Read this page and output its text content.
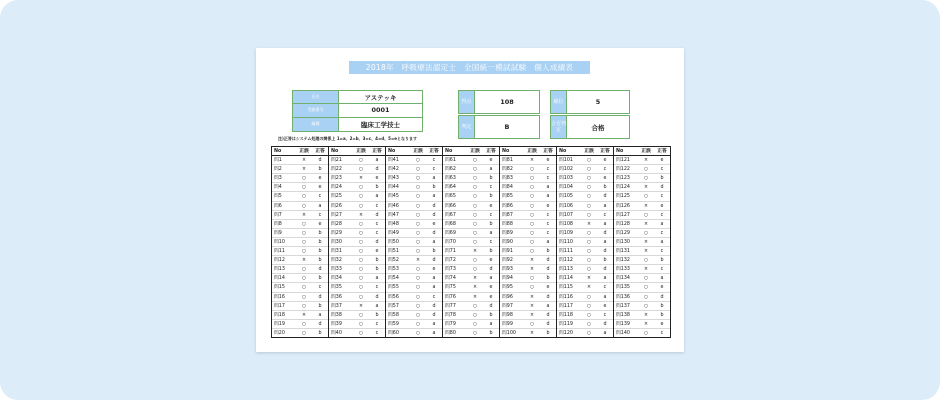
2018年　呼吸療法認定士　全国統一模試試験　個人成績表
氏名	アステッキ
受験番号	0001
職種	臨床工学技士
得点	108	順位	5
判定	B	合否判定	合格
注)正答はシステム処理の関係上 1=a、2=b、3=c、4=d、5=eとなります
No	正誤	正答
問1	×	d
問2	×	b
問3	○	e
問4	○	e
問5	○	c
問6	○	a
問7	×	c
問8	○	e
問9	○	b
問10	○	b
問11	○	b
問12	×	b
問13	○	d
問14	○	b
問15	○	c
問16	○	d
問17	○	b
問18	×	a
問19	○	d
問20	○	b
No	正誤	正答
問21	○	a
問22	○	d
問23	×	e
問24	○	b
問25	○	a
問26	○	c
問27	×	d
問28	○	c
問29	○	c
問30	○	d
問31	○	e
問32	○	b
問33	○	b
問34	○	a
問35	○	c
問36	○	d
問37	×	a
問38	○	b
問39	○	c
問40	○	c
No	正誤	正答
問41	○	c
問42	○	c
問43	○	a
問44	○	b
問45	○	a
問46	○	d
問47	○	d
問48	○	e
問49	○	d
問50	○	a
問51	○	b
問52	×	d
問53	○	e
問54	○	a
問55	○	a
問56	○	c
問57	○	d
問58	○	d
問59	○	a
問60	○	a
No	正誤	正答
問61	○	e
問62	○	a
問63	○	b
問64	○	c
問65	○	b
問66	○	e
問67	○	c
問68	○	b
問69	○	a
問70	○	c
問71	×	b
問72	○	e
問73	○	d
問74	×	a
問75	×	e
問76	×	e
問77	○	d
問78	○	b
問79	○	a
問80	○	b
No	正誤	正答
問81	×	e
問82	○	c
問83	○	c
問84	○	a
問85	○	a
問86	○	e
問87	○	c
問88	○	c
問89	○	c
問90	○	a
問91	○	b
問92	×	d
問93	×	d
問94	○	b
問95	○	e
問96	×	d
問97	×	a
問98	×	d
問99	○	d
問100	×	b
No	正誤	正答
問101	○	e
問102	○	c
問103	○	e
問104	○	b
問105	○	d
問106	○	a
問107	○	c
問108	×	a
問109	○	d
問110	○	a
問111	○	d
問112	○	b
問113	○	d
問114	×	a
問115	×	c
問116	○	a
問117	○	e
問118	○	c
問119	○	d
問120	○	a
No	正誤	正答
問121	×	e
問122	○	c
問123	○	b
問124	×	d
問125	○	c
問126	×	e
問127	○	c
問128	×	a
問129	○	c
問130	×	a
問131	×	c
問132	○	b
問133	×	c
問134	○	a
問135	○	e
問136	○	d
問137	○	b
問138	×	b
問139	×	e
問140	○	c
